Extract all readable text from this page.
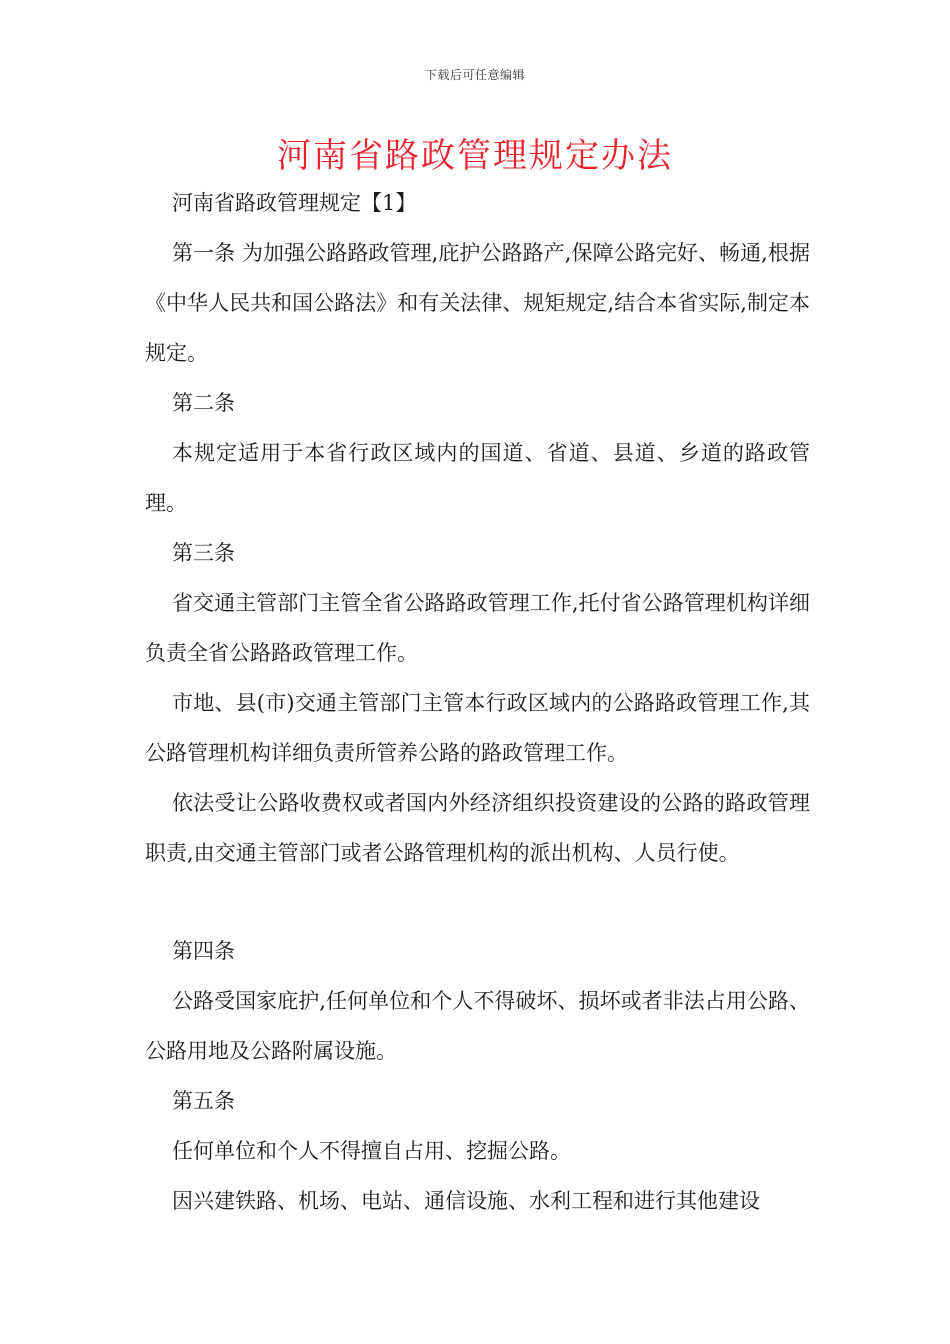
下载后可任意编辑
河南省路政管理规定办法

河南省路政管理规定【1】

第一条 为加强公路路政管理,庇护公路路产,保障公路完好、畅通,根据《中华人民共和国公路法》和有关法律、规矩规定,结合本省实际,制定本规定。

第二条

本规定适用于本省行政区域内的国道、省道、县道、乡道的路政管理。

第三条

省交通主管部门主管全省公路路政管理工作,托付省公路管理机构详细负责全省公路路政管理工作。

市地、县(市)交通主管部门主管本行政区域内的公路路政管理工作,其公路管理机构详细负责所管养公路的路政管理工作。

依法受让公路收费权或者国内外经济组织投资建设的公路的路政管理职责,由交通主管部门或者公路管理机构的派出机构、人员行使。

第四条

公路受国家庇护,任何单位和个人不得破坏、损坏或者非法占用公路、公路用地及公路附属设施。

第五条

任何单位和个人不得擅自占用、挖掘公路。

因兴建铁路、机场、电站、通信设施、水利工程和进行其他建设
